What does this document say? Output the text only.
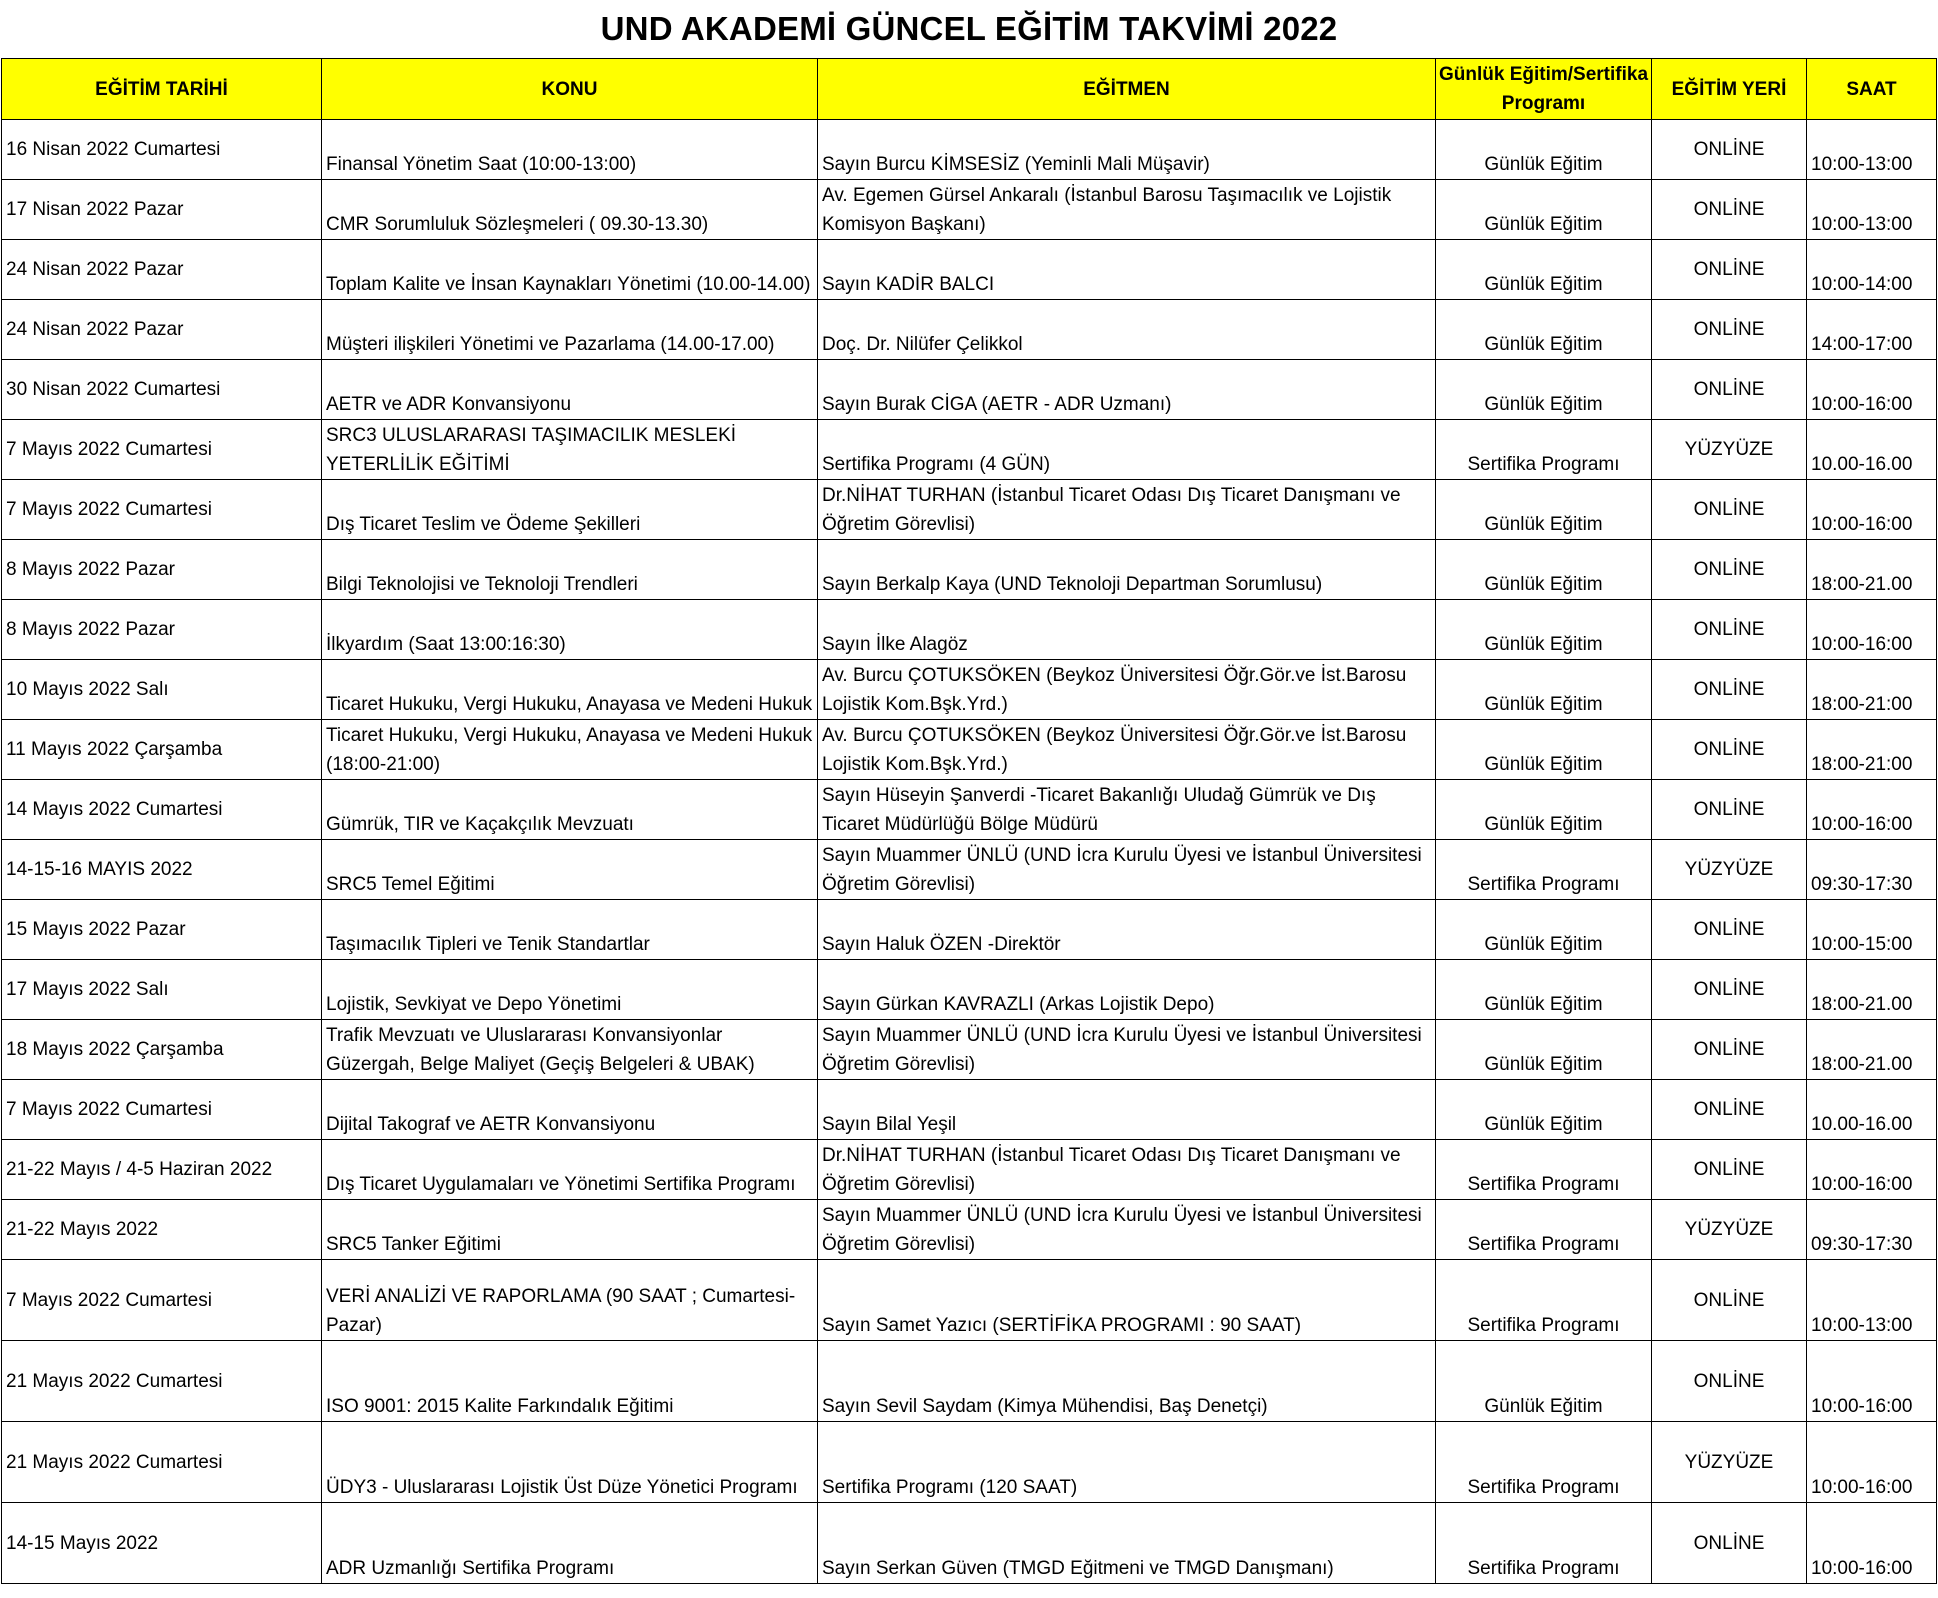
UND AKADEMİ GÜNCEL EĞİTİM TAKVİMİ 2022
EĞİTİM TARİHİ	KONU	EĞİTMEN	Günlük Eğitim/Sertifika Programı	EĞİTİM YERİ	SAAT
16 Nisan 2022 Cumartesi	Finansal Yönetim Saat (10:00-13:00)	Sayın Burcu KİMSESİZ (Yeminli Mali Müşavir)	Günlük Eğitim	ONLİNE	10:00-13:00
17 Nisan 2022 Pazar	CMR Sorumluluk Sözleşmeleri ( 09.30-13.30)	Av. Egemen Gürsel Ankaralı (İstanbul Barosu Taşımacılık ve Lojistik Komisyon Başkanı)	Günlük Eğitim	ONLİNE	10:00-13:00
24 Nisan 2022 Pazar	Toplam Kalite ve İnsan Kaynakları Yönetimi (10.00-14.00)	Sayın KADİR BALCI	Günlük Eğitim	ONLİNE	10:00-14:00
24 Nisan 2022 Pazar	Müşteri ilişkileri Yönetimi ve Pazarlama (14.00-17.00)	Doç. Dr. Nilüfer Çelikkol	Günlük Eğitim	ONLİNE	14:00-17:00
30 Nisan 2022 Cumartesi	AETR ve ADR Konvansiyonu	Sayın Burak CİGA (AETR - ADR Uzmanı)	Günlük Eğitim	ONLİNE	10:00-16:00
7 Mayıs 2022 Cumartesi	SRC3 ULUSLARARASI TAŞIMACILIK MESLEKİ YETERLİLİK EĞİTİMİ	Sertifika Programı (4 GÜN)	Sertifika Programı	YÜZYÜZE	10.00-16.00
7 Mayıs 2022 Cumartesi	Dış Ticaret Teslim ve Ödeme Şekilleri	Dr.NİHAT TURHAN (İstanbul Ticaret Odası Dış Ticaret Danışmanı ve Öğretim Görevlisi)	Günlük Eğitim	ONLİNE	10:00-16:00
8 Mayıs 2022 Pazar	Bilgi Teknolojisi ve Teknoloji Trendleri	Sayın Berkalp Kaya (UND Teknoloji Departman Sorumlusu)	Günlük Eğitim	ONLİNE	18:00-21.00
8 Mayıs 2022 Pazar	İlkyardım (Saat 13:00:16:30)	Sayın İlke Alagöz	Günlük Eğitim	ONLİNE	10:00-16:00
10 Mayıs 2022 Salı	Ticaret Hukuku, Vergi Hukuku, Anayasa ve Medeni Hukuk	Av. Burcu ÇOTUKSÖKEN (Beykoz Üniversitesi Öğr.Gör.ve İst.Barosu Lojistik Kom.Bşk.Yrd.)	Günlük Eğitim	ONLİNE	18:00-21:00
11 Mayıs 2022 Çarşamba	Ticaret Hukuku, Vergi Hukuku, Anayasa ve Medeni Hukuk (18:00-21:00)	Av. Burcu ÇOTUKSÖKEN (Beykoz Üniversitesi Öğr.Gör.ve İst.Barosu Lojistik Kom.Bşk.Yrd.)	Günlük Eğitim	ONLİNE	18:00-21:00
14 Mayıs 2022 Cumartesi	Gümrük, TIR ve Kaçakçılık Mevzuatı	Sayın Hüseyin Şanverdi -Ticaret Bakanlığı Uludağ Gümrük ve Dış Ticaret Müdürlüğü Bölge Müdürü	Günlük Eğitim	ONLİNE	10:00-16:00
14-15-16 MAYIS 2022	SRC5 Temel Eğitimi	Sayın Muammer ÜNLÜ (UND İcra Kurulu Üyesi ve İstanbul Üniversitesi Öğretim Görevlisi)	Sertifika Programı	YÜZYÜZE	09:30-17:30
15 Mayıs 2022 Pazar	Taşımacılık Tipleri ve Tenik Standartlar	Sayın Haluk ÖZEN -Direktör	Günlük Eğitim	ONLİNE	10:00-15:00
17 Mayıs 2022 Salı	Lojistik, Sevkiyat ve Depo Yönetimi	Sayın Gürkan KAVRAZLI (Arkas Lojistik Depo)	Günlük Eğitim	ONLİNE	18:00-21.00
18 Mayıs 2022 Çarşamba	Trafik Mevzuatı ve Uluslararası Konvansiyonlar Güzergah, Belge Maliyet (Geçiş Belgeleri & UBAK)	Sayın Muammer ÜNLÜ (UND İcra Kurulu Üyesi ve İstanbul Üniversitesi Öğretim Görevlisi)	Günlük Eğitim	ONLİNE	18:00-21.00
7 Mayıs 2022 Cumartesi	Dijital Takograf ve AETR Konvansiyonu	Sayın Bilal Yeşil	Günlük Eğitim	ONLİNE	10.00-16.00
21-22 Mayıs / 4-5 Haziran 2022	Dış Ticaret Uygulamaları ve Yönetimi Sertifika Programı	Dr.NİHAT TURHAN (İstanbul Ticaret Odası Dış Ticaret Danışmanı ve Öğretim Görevlisi)	Sertifika Programı	ONLİNE	10:00-16:00
21-22 Mayıs 2022	SRC5 Tanker Eğitimi	Sayın Muammer ÜNLÜ (UND İcra Kurulu Üyesi ve İstanbul Üniversitesi Öğretim Görevlisi)	Sertifika Programı	YÜZYÜZE	09:30-17:30
7 Mayıs 2022 Cumartesi	VERİ ANALİZİ VE RAPORLAMA (90 SAAT ; Cumartesi-Pazar)	Sayın Samet Yazıcı (SERTİFİKA PROGRAMI : 90 SAAT)	Sertifika Programı	ONLİNE	10:00-13:00
21 Mayıs 2022 Cumartesi	ISO 9001: 2015 Kalite Farkındalık Eğitimi	Sayın Sevil Saydam (Kimya Mühendisi, Baş Denetçi)	Günlük Eğitim	ONLİNE	10:00-16:00
21 Mayıs 2022 Cumartesi	ÜDY3 - Uluslararası Lojistik Üst Düze Yönetici Programı	Sertifika Programı (120 SAAT)	Sertifika Programı	YÜZYÜZE	10:00-16:00
14-15 Mayıs 2022	ADR Uzmanlığı Sertifika Programı	Sayın Serkan Güven (TMGD Eğitmeni ve TMGD Danışmanı)	Sertifika Programı	ONLİNE	10:00-16:00
